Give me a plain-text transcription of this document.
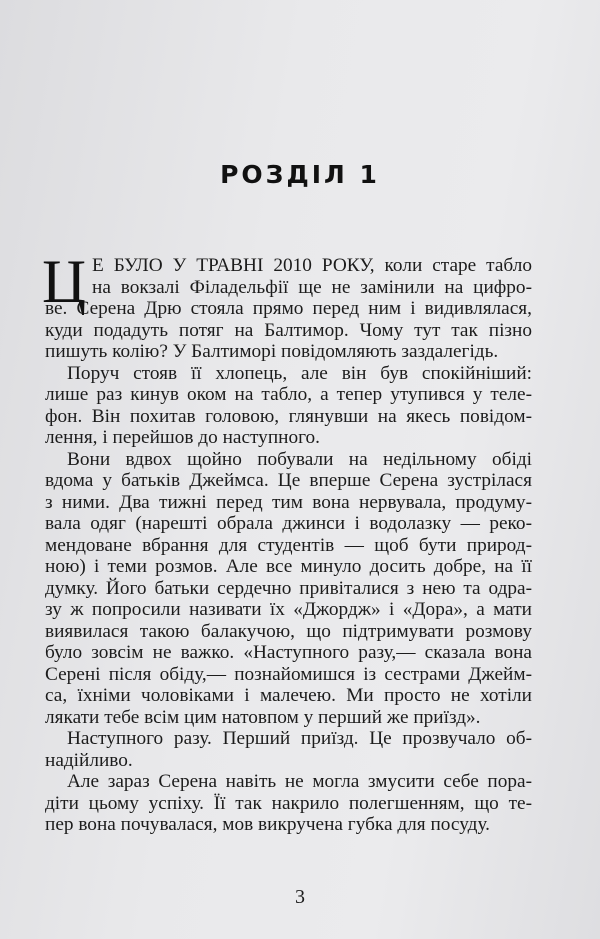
РОЗДІЛ 1
Ц Е БУЛО У ТРАВНІ 2010 РОКУ, коли старе табло
на вокзалі Філадельфії ще не замінили на цифро-
ве. Серена Дрю стояла прямо перед ним і видивлялася,
куди подадуть потяг на Балтимор. Чому тут так пізно
пишуть колію? У Балтиморі повідомляють заздалегідь.
Поруч стояв її хлопець, але він був спокійніший:
лише раз кинув оком на табло, а тепер утупився у теле-
фон. Він похитав головою, глянувши на якесь повідом-
лення, і перейшов до наступного.
Вони вдвох щойно побували на недільному обіді
вдома у батьків Джеймса. Це вперше Серена зустрілася
з ними. Два тижні перед тим вона нервувала, продуму-
вала одяг (нарешті обрала джинси і водолазку — реко-
мендоване вбрання для студентів — щоб бути природ-
ною) і теми розмов. Але все минуло досить добре, на її
думку. Його батьки сердечно привіталися з нею та одра-
зу ж попросили називати їх «Джордж» і «Дора», а мати
виявилася такою балакучою, що підтримувати розмову
було зовсім не важко. «Наступного разу,— сказала вона
Серені після обіду,— познайомишся із сестрами Джейм-
са, їхніми чоловіками і малечею. Ми просто не хотіли
лякати тебе всім цим натовпом у перший же приїзд».
Наступного разу. Перший приїзд. Це прозвучало об-
надійливо.
Але зараз Серена навіть не могла змусити себе пора-
діти цьому успіху. Її так накрило полегшенням, що те-
пер вона почувалася, мов викручена губка для посуду.
3
